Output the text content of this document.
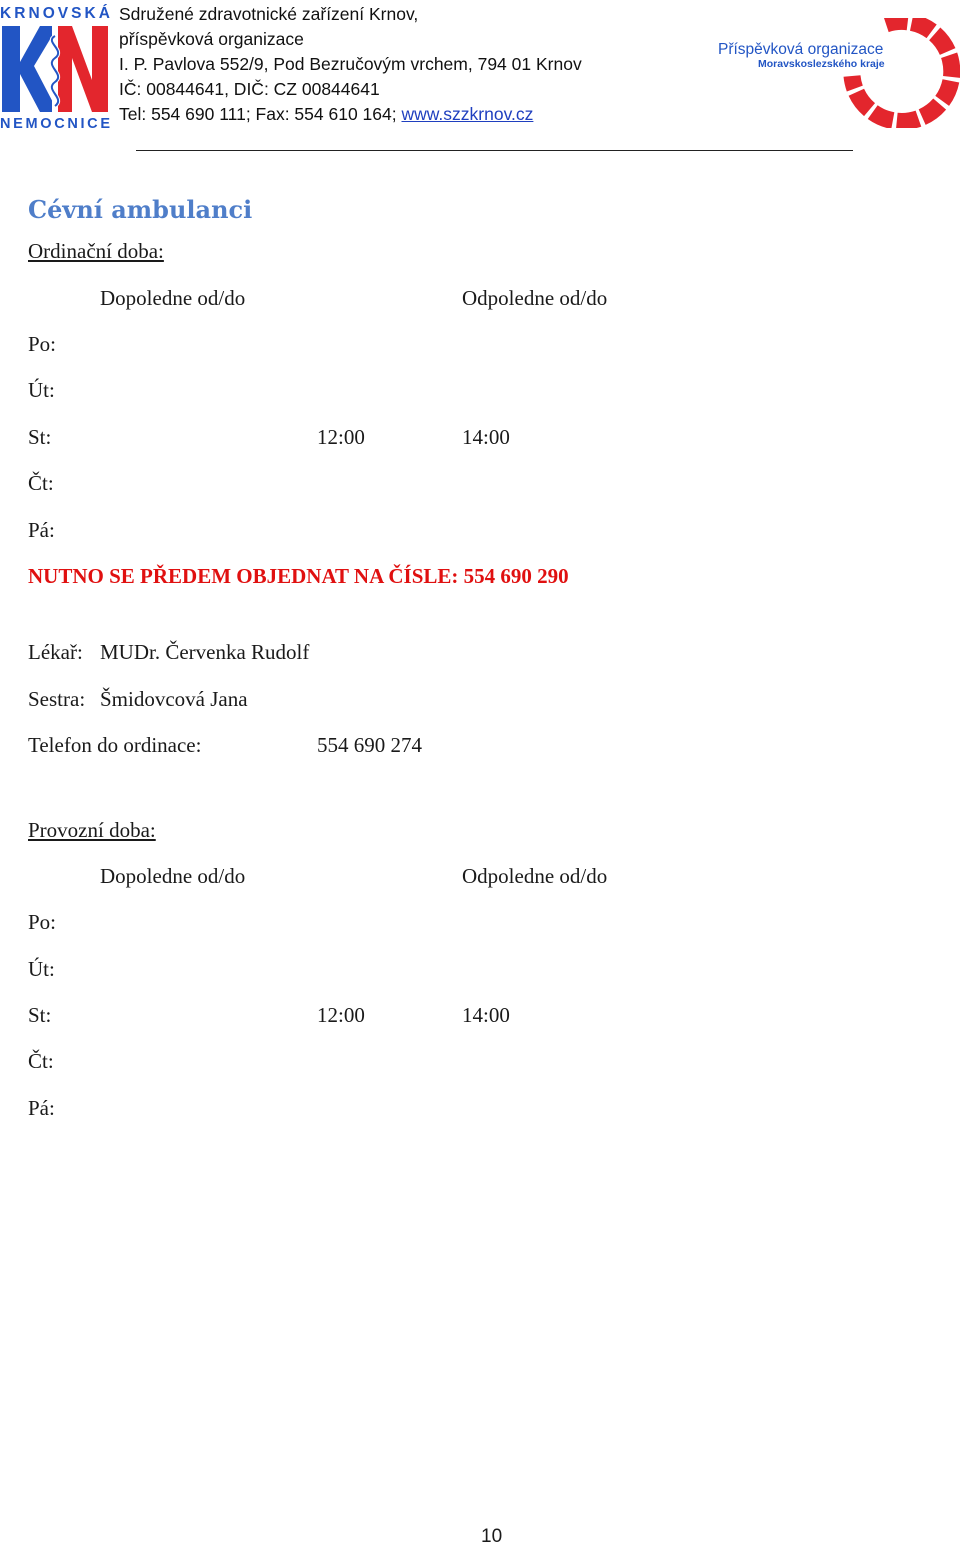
KRNOVSKÁ
NEMOCNICE
Sdružené zdravotnické zařízení Krnov,
příspěvková organizace
I. P. Pavlova 552/9, Pod Bezručovým vrchem, 794 01 Krnov
IČ: 00844641, DIČ: CZ 00844641
Tel: 554 690 111; Fax: 554 610 164; www.szzkrnov.cz
Příspěvková organizace
Moravskoslezského kraje
Cévní ambulanci
Ordinační doba:
Dopoledne od/do	Odpoledne od/do
Po:
Út:
St:	12:00	14:00
Čt:
Pá:
NUTNO SE PŘEDEM OBJEDNAT NA ČÍSLE: 554 690 290
Lékař: MUDr. Červenka Rudolf
Sestra: Šmidovcová Jana
Telefon do ordinace:	554 690 274
Provozní doba:
Dopoledne od/do	Odpoledne od/do
Po:
Út:
St:	12:00	14:00
Čt:
Pá:
10
